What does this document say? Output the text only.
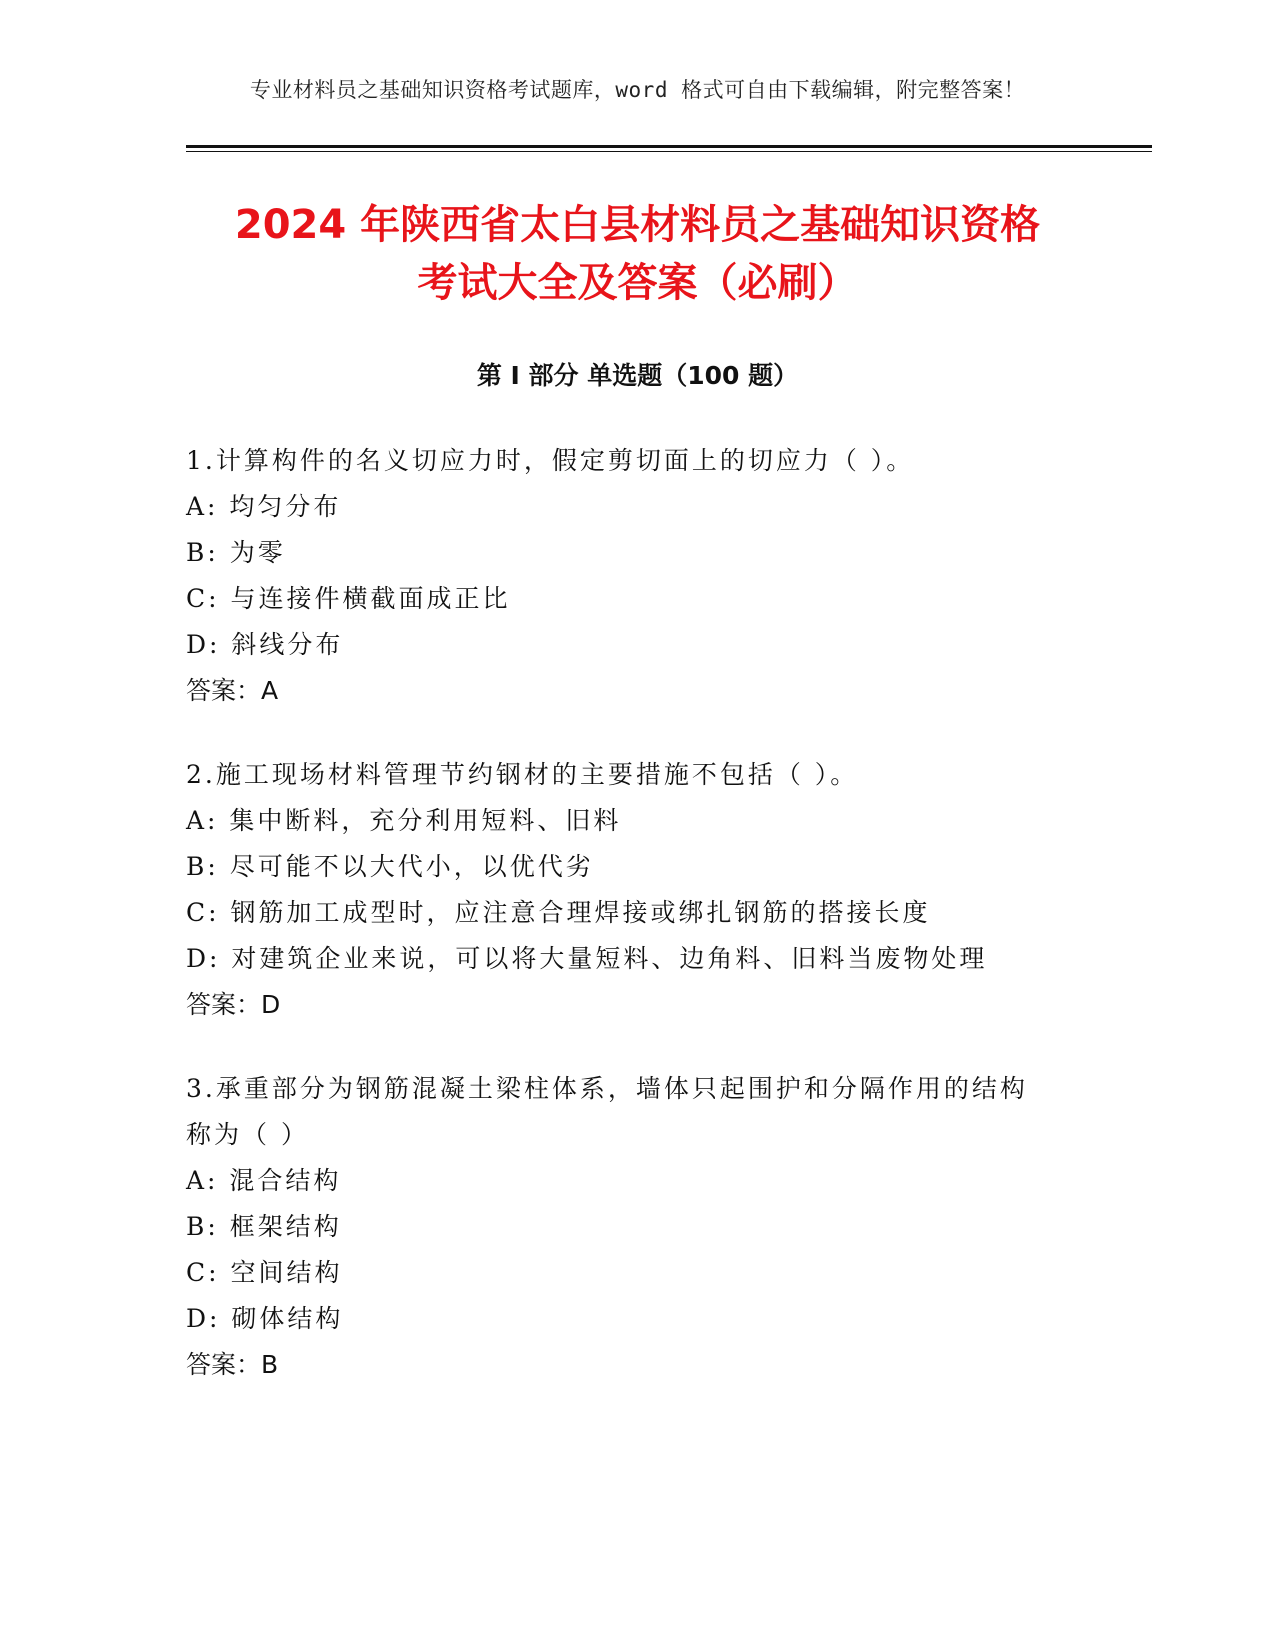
专业材料员之基础知识资格考试题库，word 格式可自由下载编辑，附完整答案！
2024 年陕西省太白县材料员之基础知识资格
考试大全及答案（必刷）
第 I 部分 单选题（100 题）
1.计算构件的名义切应力时，假定剪切面上的切应力（ ）。
A: 均匀分布
B: 为零
C: 与连接件横截面成正比
D: 斜线分布
答案：A
2.施工现场材料管理节约钢材的主要措施不包括（ ）。
A: 集中断料，充分利用短料、旧料
B: 尽可能不以大代小，以优代劣
C: 钢筋加工成型时，应注意合理焊接或绑扎钢筋的搭接长度
D: 对建筑企业来说，可以将大量短料、边角料、旧料当废物处理
答案：D
3.承重部分为钢筋混凝土梁柱体系，墙体只起围护和分隔作用的结构
称为（ ）
A: 混合结构
B: 框架结构
C: 空间结构
D: 砌体结构
答案：B
